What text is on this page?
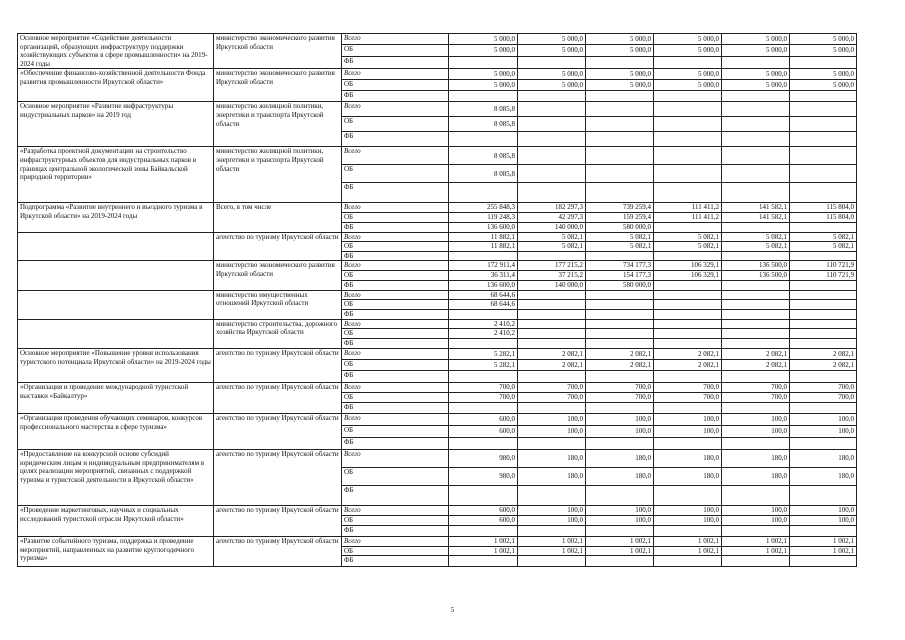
Основное мероприятие «Содействие деятельности организаций, образующих инфраструктуру поддержки хозяйствующих субъектов в сфере промышленности» на 2019-2024 годы	министерство экономического развития Иркутской области	Всего	5 000,0	5 000,0	5 000,0	5 000,0	5 000,0	5 000,0
		ОБ	5 000,0	5 000,0	5 000,0	5 000,0	5 000,0	5 000,0
		ФБ						
«Обеспечение финансово-хозяйственной деятельности Фонда развития промышленности Иркутской области»	министерство экономического развития Иркутской области	Всего	5 000,0	5 000,0	5 000,0	5 000,0	5 000,0	5 000,0
		ОБ	5 000,0	5 000,0	5 000,0	5 000,0	5 000,0	5 000,0
		ФБ						
Основное мероприятие «Развитие инфраструктуры индустриальных парков» на 2019 год	министерство жилищной политики, энергетики и транспорта Иркутской области	Всего	8 085,8					
		ОБ	8 085,8					
		ФБ						
«Разработка проектной документации на строительство инфраструктурных объектов для индустриальных парков в границах центральной экологической зоны Байкальской природной территории»	министерство жилищной политики, энергетики и транспорта Иркутской области	Всего	8 085,8					
		ОБ	8 085,8					
		ФБ						
Подпрограмма «Развитие внутреннего и въездного туризма в Иркутской области» на 2019-2024 годы	Всего, в том числе	Всего	255 848,3	182 297,3	739 259,4	111 411,2	141 582,1	115 804,0
		ОБ	119 248,3	42 297,3	159 259,4	111 411,2	141 582,1	115 804,0
		ФБ	136 600,0	140 000,0	580 000,0			
	агентство по туризму Иркутской области	Всего	11 882,1	5 082,1	5 082,1	5 082,1	5 082,1	5 082,1
		ОБ	11 882,1	5 082,1	5 082,1	5 082,1	5 082,1	5 082,1
		ФБ						
	министерство экономического развития Иркутской области	Всего	172 911,4	177 215,2	734 177,3	106 329,1	136 500,0	110 721,9
		ОБ	36 311,4	37 215,2	154 177,3	106 329,1	136 500,0	110 721,9
		ФБ	136 600,0	140 000,0	580 000,0			
	министерство имущественных отношений Иркутской области	Всего	68 644,6					
		ОБ	68 644,6					
		ФБ						
	министерство строительства, дорожного хозяйства Иркутской области	Всего	2 410,2					
		ОБ	2 410,2					
		ФБ						
Основное мероприятие «Повышение уровня использования туристского потенциала Иркутской области» на 2019-2024 годы	агентство по туризму Иркутской области	Всего	5 282,1	2 082,1	2 082,1	2 082,1	2 082,1	2 082,1
		ОБ	5 282,1	2 082,1	2 082,1	2 082,1	2 082,1	2 082,1
		ФБ						
«Организация и проведение международной туристской выставки «Байкалтур»	агентство по туризму Иркутской области	Всего	700,0	700,0	700,0	700,0	700,0	700,0
		ОБ	700,0	700,0	700,0	700,0	700,0	700,0
		ФБ						
«Организация проведения обучающих семинаров, конкурсов профессионального мастерства в сфере туризма»	агентство по туризму Иркутской области	Всего	600,0	100,0	100,0	100,0	100,0	100,0
		ОБ	600,0	100,0	100,0	100,0	100,0	100,0
		ФБ						
«Предоставление на конкурсной основе субсидий юридическим лицам и индивидуальным предпринимателям в целях реализации мероприятий, связанных с поддержкой туризма и туристской деятельности в Иркутской области»	агентство по туризму Иркутской области	Всего	980,0	180,0	180,0	180,0	180,0	180,0
		ОБ	980,0	180,0	180,0	180,0	180,0	180,0
		ФБ						
«Проведение маркетинговых, научных и социальных исследований туристской отрасли Иркутской области»	агентство по туризму Иркутской области	Всего	600,0	100,0	100,0	100,0	100,0	100,0
		ОБ	600,0	100,0	100,0	100,0	100,0	100,0
		ФБ						
«Развитие событийного туризма, поддержка и проведение мероприятий, направленных на развитие круглогодичного туризма»	агентство по туризму Иркутской области	Всего	1 002,1	1 002,1	1 002,1	1 002,1	1 002,1	1 002,1
		ОБ	1 002,1	1 002,1	1 002,1	1 002,1	1 002,1	1 002,1
		ФБ						
5
